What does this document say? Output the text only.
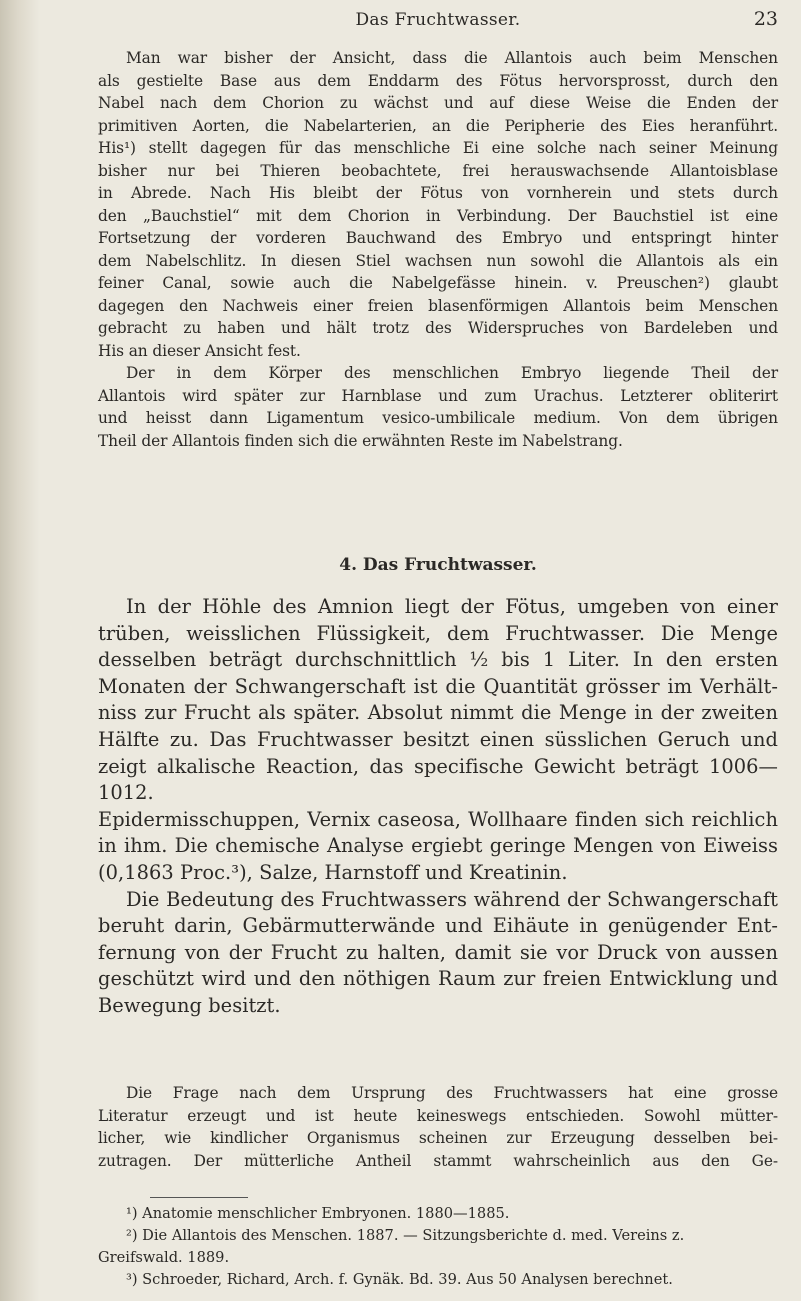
Das Fruchtwasser.	23

Man war bisher der Ansicht, dass die Allantois auch beim Menschen

als gestielte Base aus dem Enddarm des Fötus hervorsprosst, durch den

Nabel nach dem Chorion zu wächst und auf diese Weise die Enden der

primitiven Aorten, die Nabelarterien, an die Peripherie des Eies heranführt.

His¹) stellt dagegen für das menschliche Ei eine solche nach seiner Meinung

bisher nur bei Thieren beobachtete, frei herauswachsende Allantoisblase

in Abrede. Nach His bleibt der Fötus von vornherein und stets durch

den „Bauchstiel“ mit dem Chorion in Verbindung. Der Bauchstiel ist eine

Fortsetzung der vorderen Bauchwand des Embryo und entspringt hinter

dem Nabelschlitz. In diesen Stiel wachsen nun sowohl die Allantois als ein

feiner Canal, sowie auch die Nabelgefässe hinein. v. Preuschen²) glaubt

dagegen den Nachweis einer freien blasenförmigen Allantois beim Menschen

gebracht zu haben und hält trotz des Widerspruches von Bardeleben und

His an dieser Ansicht fest.

Der in dem Körper des menschlichen Embryo liegende Theil der

Allantois wird später zur Harnblase und zum Urachus. Letzterer obliterirt

und heisst dann Ligamentum vesico-umbilicale medium. Von dem übrigen

Theil der Allantois finden sich die erwähnten Reste im Nabelstrang.

4. Das Fruchtwasser.

In der Höhle des Amnion liegt der Fötus, umgeben von einer

trüben, weisslichen Flüssigkeit, dem Fruchtwasser. Die Menge

desselben beträgt durchschnittlich ½ bis 1 Liter. In den ersten

Monaten der Schwangerschaft ist die Quantität grösser im Verhält-

niss zur Frucht als später. Absolut nimmt die Menge in der zweiten

Hälfte zu. Das Fruchtwasser besitzt einen süsslichen Geruch und

zeigt alkalische Reaction, das specifische Gewicht beträgt 1006—1012.

Epidermisschuppen, Vernix caseosa, Wollhaare finden sich reichlich

in ihm. Die chemische Analyse ergiebt geringe Mengen von Eiweiss

(0,1863 Proc.³), Salze, Harnstoff und Kreatinin.

Die Bedeutung des Fruchtwassers während der Schwangerschaft

beruht darin, Gebärmutterwände und Eihäute in genügender Ent-

fernung von der Frucht zu halten, damit sie vor Druck von aussen

geschützt wird und den nöthigen Raum zur freien Entwicklung und

Bewegung besitzt.

Die Frage nach dem Ursprung des Fruchtwassers hat eine grosse

Literatur erzeugt und ist heute keineswegs entschieden. Sowohl mütter-

licher, wie kindlicher Organismus scheinen zur Erzeugung desselben bei-

zutragen. Der mütterliche Antheil stammt wahrscheinlich aus den Ge-

¹) Anatomie menschlicher Embryonen. 1880—1885.

²) Die Allantois des Menschen. 1887. — Sitzungsberichte d. med. Vereins z.

Greifswald. 1889.

³) Schroeder, Richard, Arch. f. Gynäk. Bd. 39. Aus 50 Analysen berechnet.
